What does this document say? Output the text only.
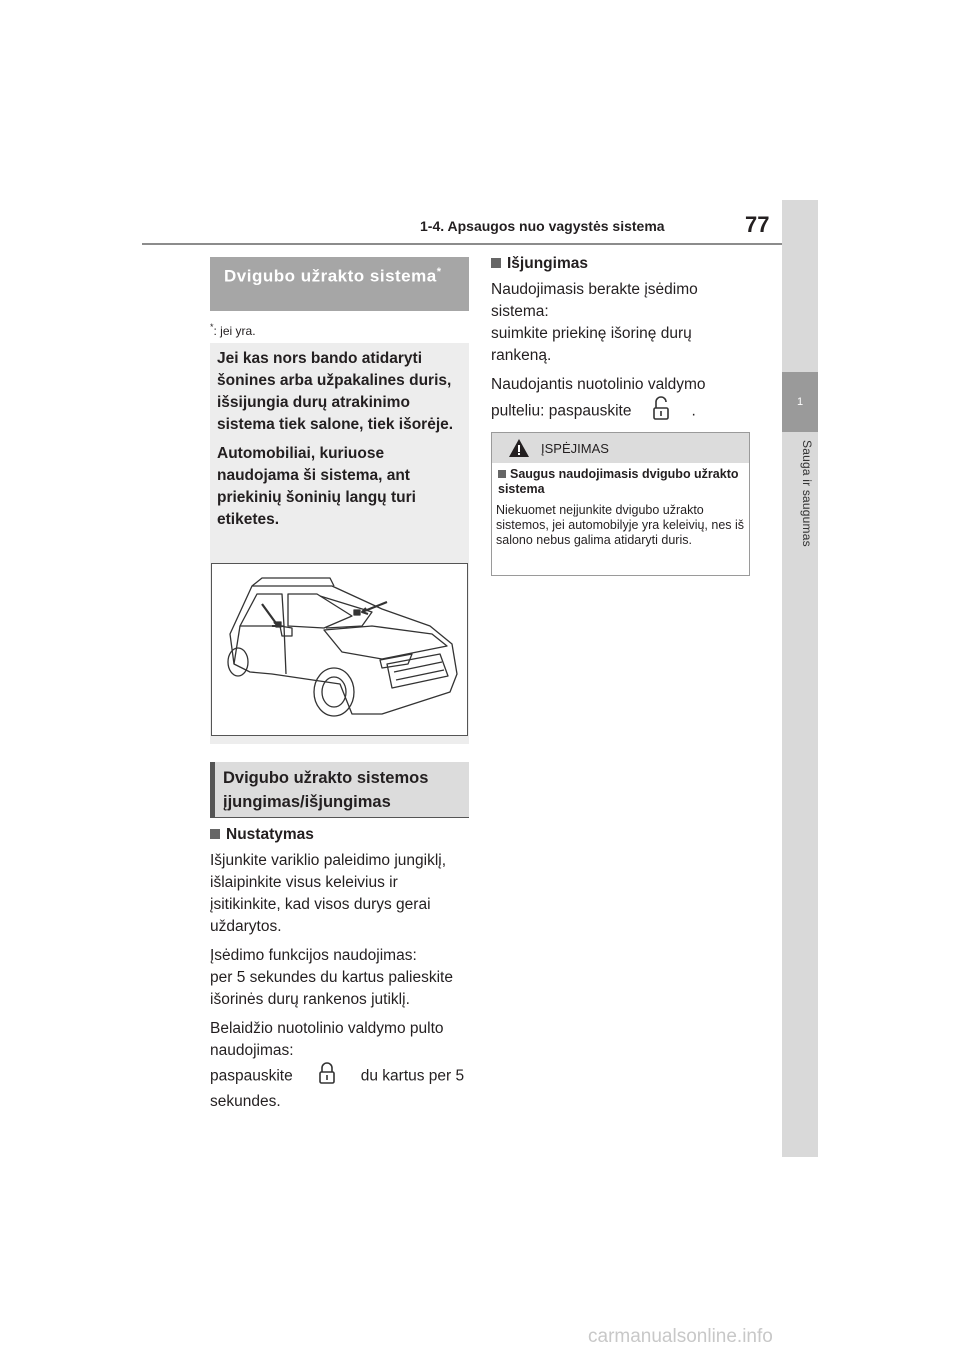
1-4. Apsaugos nuo vagystės sistema	77
1
Sauga ir saugumas
Dvigubo užrakto sistema*
*: jei yra.

Jei kas nors bando atidaryti šonines arba užpakalines duris, išsijungia durų atrakinimo sistema tiek salone, tiek išorėje.

Automobiliai, kuriuose naudojama ši sistema, ant priekinių šoninių langų turi etiketes.

Dvigubo užrakto sistemos įjungimas/išjungimas
Nustatymas

Išjunkite variklio paleidimo jungiklį, išlaipinkite visus keleivius ir įsitikinkite, kad visos durys gerai uždarytos.

Įsėdimo funkcijos naudojimas:
per 5 sekundes du kartus palieskite išorinės durų rankenos jutiklį.

Belaidžio nuotolinio valdymo pulto naudojimas:
paspauskite	du kartus per 5 sekundes.

Išjungimas

Naudojimasis berakte įsėdimo sistema:
suimkite priekinę išorinę durų rankeną.

Naudojantis nuotolinio valdymo pulteliu: paspauskite	.

ĮSPĖJIMAS
Saugus naudojimasis dvigubo užrakto sistema
Niekuomet neįjunkite dvigubo užrakto sistemos, jei automobilyje yra keleivių, nes iš salono nebus galima atidaryti duris.
carmanualsonline.info
